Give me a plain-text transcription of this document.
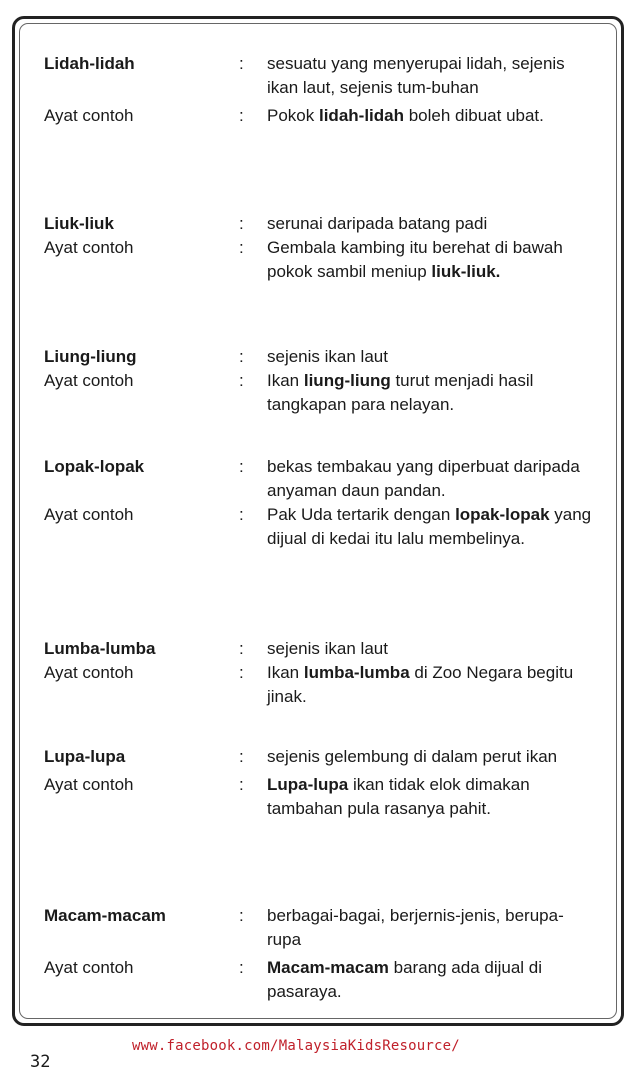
Lidah-lidah	:	sesuatu yang menyerupai lidah, sejenis ikan laut, sejenis tum-buhan
Ayat contoh	:	Pokok lidah-lidah boleh dibuat ubat.
Liuk-liuk	:	serunai daripada batang padi
Ayat contoh	:	Gembala kambing itu berehat di bawah pokok sambil meniup liuk-liuk.
Liung-liung	:	sejenis ikan laut
Ayat contoh	:	Ikan liung-liung turut menjadi hasil tangkapan para nelayan.
Lopak-lopak	:	bekas tembakau yang diperbuat daripada anyaman daun pandan.
Ayat contoh	:	Pak Uda tertarik dengan lopak-lopak yang dijual di kedai itu lalu membelinya.
Lumba-lumba	:	sejenis ikan laut
Ayat contoh	:	Ikan lumba-lumba di Zoo Negara begitu jinak.
Lupa-lupa	:	sejenis gelembung di dalam perut ikan
Ayat contoh	:	Lupa-lupa ikan tidak elok dimakan tambahan pula rasanya pahit.
Macam-macam	:	berbagai-bagai, berjernis-jenis, berupa-rupa
Ayat contoh	:	Macam-macam barang ada dijual di pasaraya.
www.facebook.com/MalaysiaKidsResource/
32
